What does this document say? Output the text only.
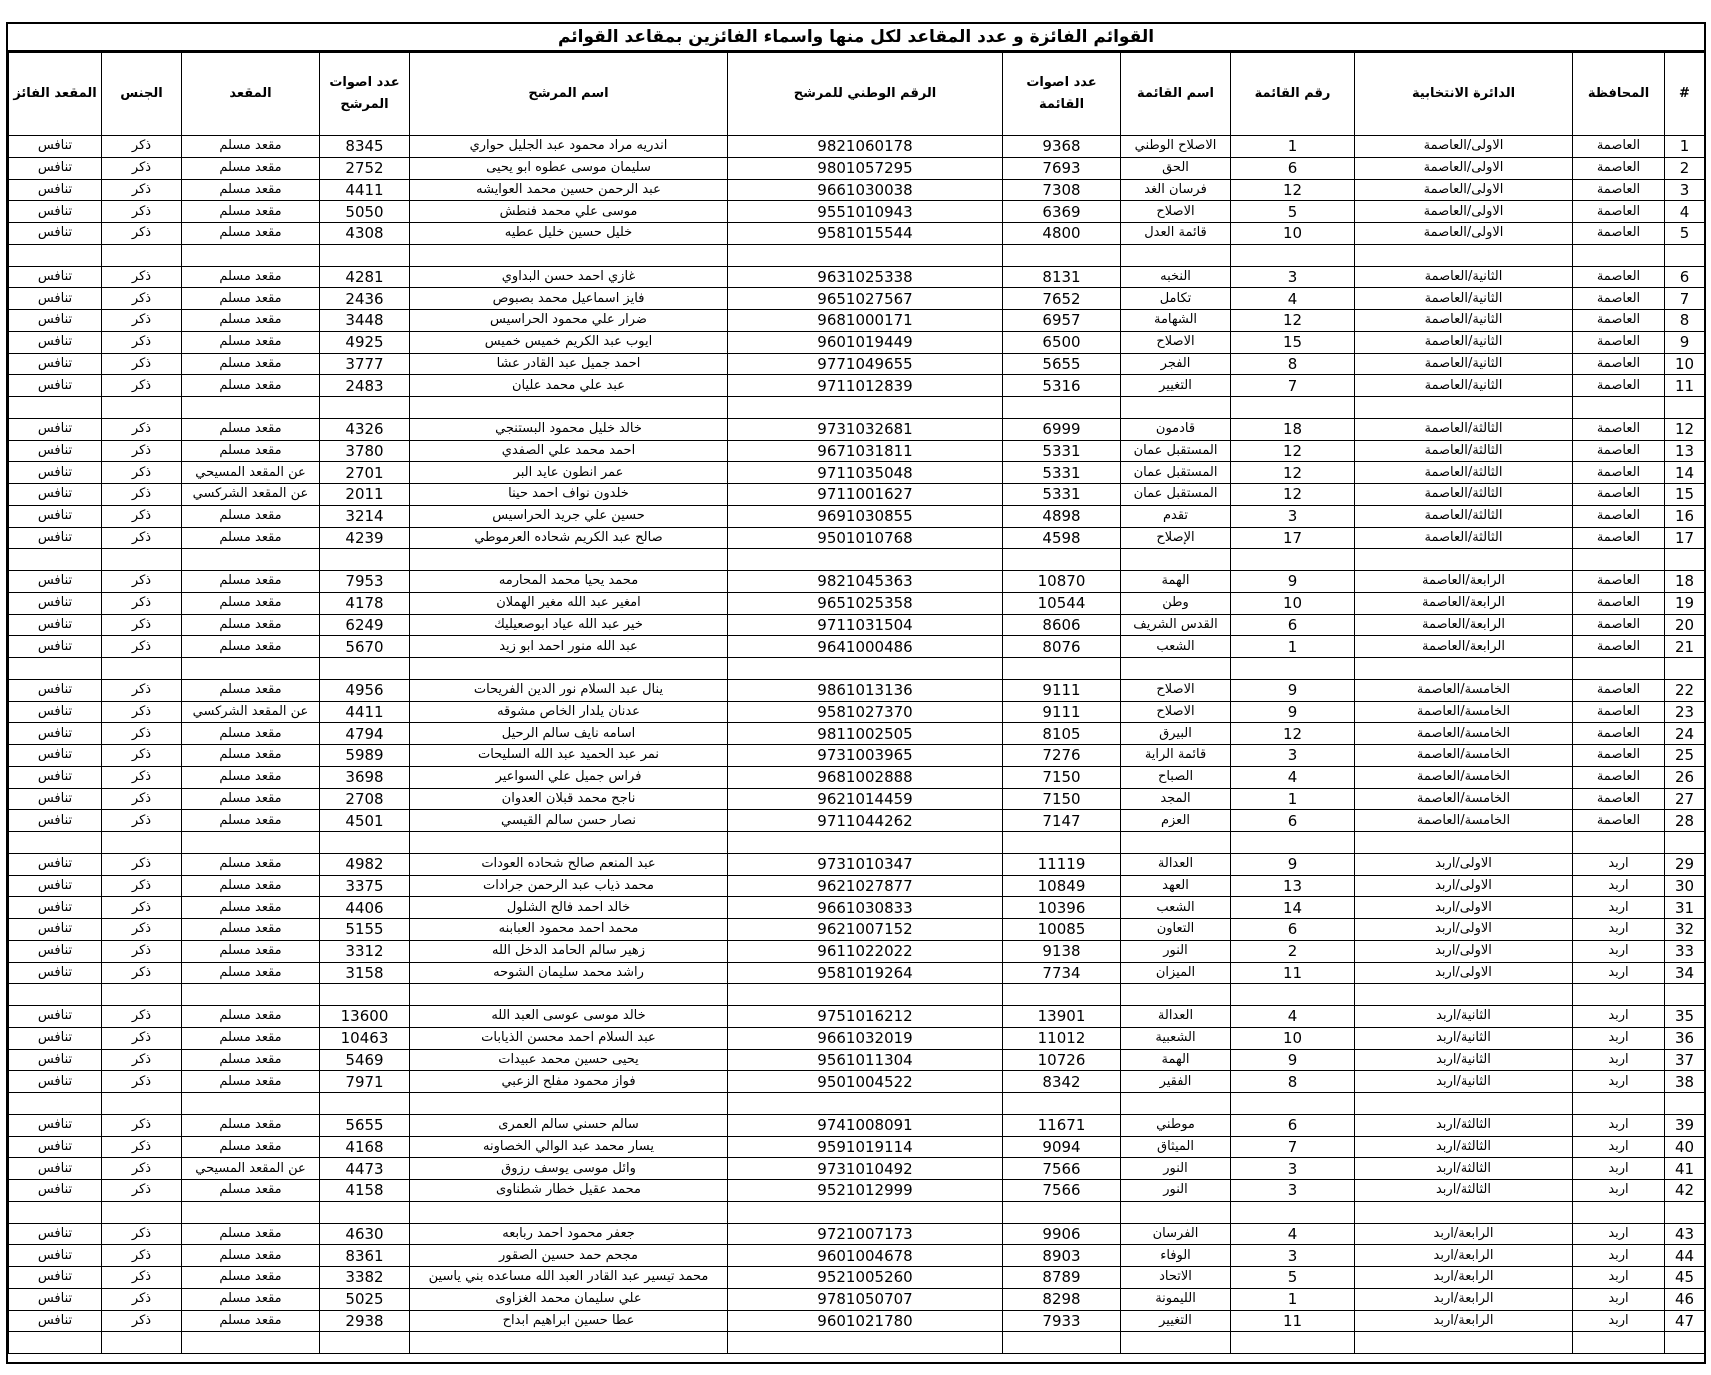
القوائم الفائزة و عدد المقاعد لكل منها واسماء الفائزين بمقاعد القوائم
#	المحافظة	الدائرة الانتخابية	رقم القائمة	اسم القائمة	عدد اصوات القائمة	الرقم الوطني للمرشح	اسم المرشح	عدد اصوات المرشح	المقعد	الجنس	المقعد الفائز
1	العاصمة	الاولى/العاصمة	1	الاصلاح الوطني	9368	9821060178	اندريه مراد محمود عبد الجليل حواري	8345	مقعد مسلم	ذكر	تنافس
2	العاصمة	الاولى/العاصمة	6	الحق	7693	9801057295	سليمان موسى عطوه ابو يحيى	2752	مقعد مسلم	ذكر	تنافس
3	العاصمة	الاولى/العاصمة	12	فرسان الغد	7308	9661030038	عبد الرحمن حسين محمد العوايشه	4411	مقعد مسلم	ذكر	تنافس
4	العاصمة	الاولى/العاصمة	5	الاصلاح	6369	9551010943	موسى علي محمد فنطش	5050	مقعد مسلم	ذكر	تنافس
5	العاصمة	الاولى/العاصمة	10	قائمة العدل	4800	9581015544	خليل حسين خليل عطيه	4308	مقعد مسلم	ذكر	تنافس

6	العاصمة	الثانية/العاصمة	3	النخبه	8131	9631025338	غازي احمد حسن البداوي	4281	مقعد مسلم	ذكر	تنافس
7	العاصمة	الثانية/العاصمة	4	تكامل	7652	9651027567	فايز اسماعيل محمد بصبوص	2436	مقعد مسلم	ذكر	تنافس
8	العاصمة	الثانية/العاصمة	12	الشهامة	6957	9681000171	ضرار علي محمود الحراسيس	3448	مقعد مسلم	ذكر	تنافس
9	العاصمة	الثانية/العاصمة	15	الاصلاح	6500	9601019449	ايوب عبد الكريم خميس خميس	4925	مقعد مسلم	ذكر	تنافس
10	العاصمة	الثانية/العاصمة	8	الفجر	5655	9771049655	احمد جميل عبد القادر عشا	3777	مقعد مسلم	ذكر	تنافس
11	العاصمة	الثانية/العاصمة	7	التغيير	5316	9711012839	عبد علي محمد عليان	2483	مقعد مسلم	ذكر	تنافس

12	العاصمة	الثالثة/العاصمة	18	قادمون	6999	9731032681	خالد خليل محمود البستنجي	4326	مقعد مسلم	ذكر	تنافس
13	العاصمة	الثالثة/العاصمة	12	المستقبل عمان	5331	9671031811	احمد محمد علي الصفدي	3780	مقعد مسلم	ذكر	تنافس
14	العاصمة	الثالثة/العاصمة	12	المستقبل عمان	5331	9711035048	عمر انطون عايد البر	2701	عن المقعد المسيحي	ذكر	تنافس
15	العاصمة	الثالثة/العاصمة	12	المستقبل عمان	5331	9711001627	خلدون نواف احمد حينا	2011	عن المقعد الشركسي	ذكر	تنافس
16	العاصمة	الثالثة/العاصمة	3	تقدم	4898	9691030855	حسين علي جريد الحراسيس	3214	مقعد مسلم	ذكر	تنافس
17	العاصمة	الثالثة/العاصمة	17	الإصلاح	4598	9501010768	صالح عبد الكريم شحاده العرموطي	4239	مقعد مسلم	ذكر	تنافس

18	العاصمة	الرابعة/العاصمة	9	الهمة	10870	9821045363	محمد يحيا محمد المحارمه	7953	مقعد مسلم	ذكر	تنافس
19	العاصمة	الرابعة/العاصمة	10	وطن	10544	9651025358	امغير عبد الله مغير الهملان	4178	مقعد مسلم	ذكر	تنافس
20	العاصمة	الرابعة/العاصمة	6	القدس الشريف	8606	9711031504	خير عبد الله عياد ابوصعيليك	6249	مقعد مسلم	ذكر	تنافس
21	العاصمة	الرابعة/العاصمة	1	الشعب	8076	9641000486	عبد الله منور احمد ابو زيد	5670	مقعد مسلم	ذكر	تنافس

22	العاصمة	الخامسة/العاصمة	9	الاصلاح	9111	9861013136	ينال عبد السلام نور الدين الفريحات	4956	مقعد مسلم	ذكر	تنافس
23	العاصمة	الخامسة/العاصمة	9	الاصلاح	9111	9581027370	عدنان يلدار الخاص مشوقه	4411	عن المقعد الشركسي	ذكر	تنافس
24	العاصمة	الخامسة/العاصمة	12	البيرق	8105	9811002505	اسامه نايف سالم الرحيل	4794	مقعد مسلم	ذكر	تنافس
25	العاصمة	الخامسة/العاصمة	3	قائمة الراية	7276	9731003965	نمر عبد الحميد عبد الله السليحات	5989	مقعد مسلم	ذكر	تنافس
26	العاصمة	الخامسة/العاصمة	4	الصباح	7150	9681002888	فراس جميل علي السواعير	3698	مقعد مسلم	ذكر	تنافس
27	العاصمة	الخامسة/العاصمة	1	المجد	7150	9621014459	ناجح محمد قبلان العدوان	2708	مقعد مسلم	ذكر	تنافس
28	العاصمة	الخامسة/العاصمة	6	العزم	7147	9711044262	نصار حسن سالم القيسي	4501	مقعد مسلم	ذكر	تنافس

29	اربد	الاولى/اربد	9	العدالة	11119	9731010347	عبد المنعم صالح شحاده العودات	4982	مقعد مسلم	ذكر	تنافس
30	اربد	الاولى/اربد	13	العهد	10849	9621027877	محمد ذياب عبد الرحمن جرادات	3375	مقعد مسلم	ذكر	تنافس
31	اربد	الاولى/اربد	14	الشعب	10396	9661030833	خالد احمد فالح الشلول	4406	مقعد مسلم	ذكر	تنافس
32	اربد	الاولى/اربد	6	التعاون	10085	9621007152	محمد احمد محمود العبابنه	5155	مقعد مسلم	ذكر	تنافس
33	اربد	الاولى/اربد	2	النور	9138	9611022022	زهير سالم الحامد الدخل الله	3312	مقعد مسلم	ذكر	تنافس
34	اربد	الاولى/اربد	11	الميزان	7734	9581019264	راشد محمد سليمان الشوحه	3158	مقعد مسلم	ذكر	تنافس

35	اربد	الثانية/اربد	4	العدالة	13901	9751016212	خالد موسى عوسى العبد الله	13600	مقعد مسلم	ذكر	تنافس
36	اربد	الثانية/اربد	10	الشعبية	11012	9661032019	عبد السلام احمد محسن الذيابات	10463	مقعد مسلم	ذكر	تنافس
37	اربد	الثانية/اربد	9	الهمة	10726	9561011304	يحيى حسين محمد عبيدات	5469	مقعد مسلم	ذكر	تنافس
38	اربد	الثانية/اربد	8	الفقير	8342	9501004522	فواز محمود مفلح الزعبي	7971	مقعد مسلم	ذكر	تنافس

39	اربد	الثالثة/اربد	6	موطني	11671	9741008091	سالم حسني سالم العمرى	5655	مقعد مسلم	ذكر	تنافس
40	اربد	الثالثة/اربد	7	الميثاق	9094	9591019114	يسار محمد عبد الوالي الخصاونه	4168	مقعد مسلم	ذكر	تنافس
41	اربد	الثالثة/اربد	3	النور	7566	9731010492	وائل موسى يوسف رزوق	4473	عن المقعد المسيحي	ذكر	تنافس
42	اربد	الثالثة/اربد	3	النور	7566	9521012999	محمد عقيل خطار شطناوى	4158	مقعد مسلم	ذكر	تنافس

43	اربد	الرابعة/اربد	4	الفرسان	9906	9721007173	جعفر محمود احمد ربابعه	4630	مقعد مسلم	ذكر	تنافس
44	اربد	الرابعة/اربد	3	الوفاء	8903	9601004678	مجحم حمد حسين الصقور	8361	مقعد مسلم	ذكر	تنافس
45	اربد	الرابعة/اربد	5	الاتحاد	8789	9521005260	محمد تيسير عبد القادر العبد الله مساعده بني ياسين	3382	مقعد مسلم	ذكر	تنافس
46	اربد	الرابعة/اربد	1	الليمونة	8298	9781050707	علي سليمان محمد الغزاوى	5025	مقعد مسلم	ذكر	تنافس
47	اربد	الرابعة/اربد	11	التغيير	7933	9601021780	عطا حسين ابراهيم ابداح	2938	مقعد مسلم	ذكر	تنافس
